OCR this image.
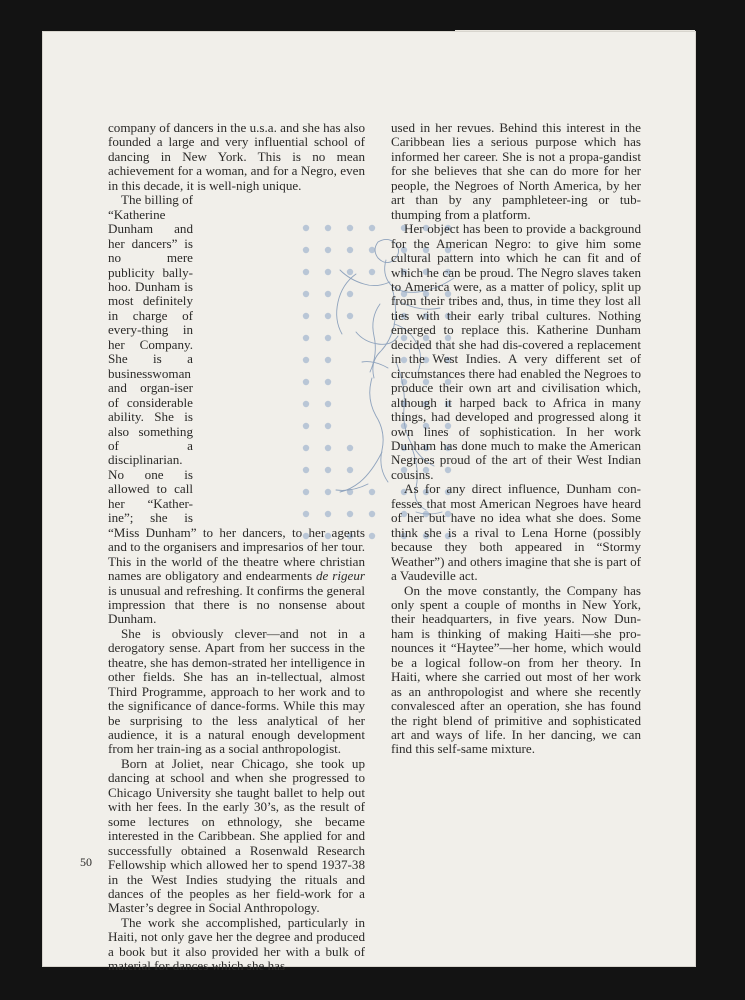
company of dancers in the u.s.a. and she has also founded a large and very influential school of dancing in New York. This is no mean achievement for a woman, and for a Negro, even in this decade, it is well-nigh unique.

The billing of “Katherine Dunham and her dancers” is no mere publicity bally-hoo. Dunham is most definitely in charge of every-thing in her Company. She is a businesswoman and organ-iser of considerable ability. She is also something of a disciplinarian. No one is allowed to call her “Kather-ine”; she is “Miss Dunham” to her dancers, to her agents and to the organisers and impresarios of her tour. This in the world of the theatre where christian names are obligatory and endearments de rigeur is unusual and refreshing. It confirms the general impression that there is no nonsense about Dunham.

She is obviously clever—and not in a derogatory sense. Apart from her success in the theatre, she has demon-strated her intelligence in other fields. She has an in-tellectual, almost Third Programme, approach to her work and to the significance of dance-forms. While this may be surprising to the less analytical of her audience, it is a natural enough development from her train-ing as a social anthropologist.

Born at Joliet, near Chicago, she took up dancing at school and when she progressed to Chicago University she taught ballet to help out with her fees. In the early 30’s, as the result of some lectures on ethnology, she became interested in the Caribbean. She applied for and successfully obtained a Rosenwald Research Fellowship which allowed her to spend 1937-38 in the West Indies studying the rituals and dances of the peoples as her field-work for a Master’s degree in Social Anthropology.

The work she accomplished, particularly in Haiti, not only gave her the degree and produced a book but it also provided her with a bulk of material for dances which she has

used in her revues. Behind this interest in the Caribbean lies a serious purpose which has informed her career. She is not a propa-gandist for she believes that she can do more for her people, the Negroes of North America, by her art than by any pamphleteer-ing or tub-thumping from a platform.

Her object has been to provide a background for the American Negro: to give him some cultural pattern into which he can fit and of which he can be proud. The Negro slaves taken to America were, as a matter of policy, split up from their tribes and, thus, in time they lost all ties with their early tribal cultures. Nothing emerged to replace this. Katherine Dunham decided that she had dis-covered a replacement in the West Indies. A very different set of circumstances there had enabled the Negroes to produce their own art and civilisation which, although it harped back to Africa in many things, had developed and progressed along it own lines of sophistication. In her work Dunham has done much to make the American Negroes proud of the art of their West Indian cousins.

As for any direct influence, Dunham con-fesses that most American Negroes have heard of her but have no idea what she does. Some think she is a rival to Lena Horne (possibly because they both appeared in “Stormy Weather”) and others imagine that she is part of a Vaudeville act.

On the move constantly, the Company has only spent a couple of months in New York, their headquarters, in five years. Now Dun-ham is thinking of making Haiti—she pro-nounces it “Haytee”—her home, which would be a logical follow-on from her theory. In Haiti, where she carried out most of her work as an anthropologist and where she recently convalesced after an operation, she has found the right blend of primitive and sophisticated art and ways of life. In her dancing, we can find this self-same mixture.

50
